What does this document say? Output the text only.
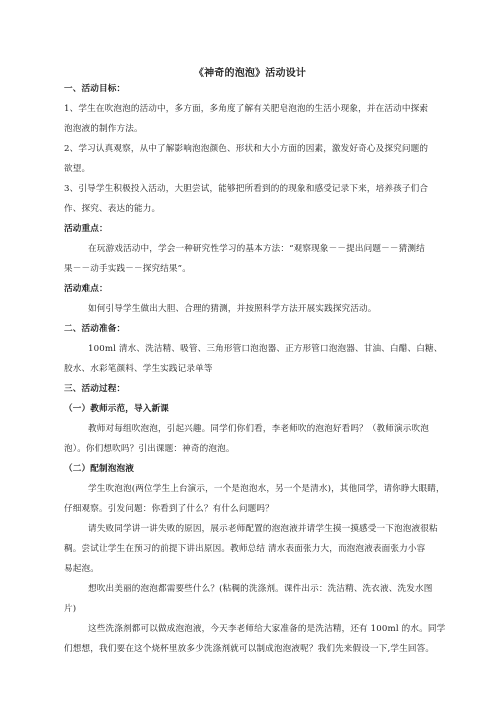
《神奇的泡泡》活动设计
一、活动目标：
1、学生在吹泡泡的活动中，多方面，多角度了解有关肥皂泡泡的生活小现象，并在活动中探索
泡泡液的制作方法。
2、学习认真观察，从中了解影响泡泡颜色、形状和大小方面的因素，激发好奇心及探究问题的
欲望。
3、引导学生积极投入活动，大胆尝试，能够把所看到的的现象和感受记录下来，培养孩子们合
作、探究、表达的能力。
活动重点：
在玩游戏活动中，学会一种研究性学习的基本方法：“观察现象－－提出问题－－猜测结
果－－动手实践－－探究结果”。
活动难点：
如何引导学生做出大胆、合理的猜测，并按照科学方法开展实践探究活动。
二、活动准备：
100ml 清水、洗洁精、吸管、三角形管口泡泡器、正方形管口泡泡器、甘油、白醋、白糖、
胶水、水彩笔颜料、学生实践记录单等
三、活动过程：
（一）教师示范，导入新课
教师对每组吹泡泡，引起兴趣。同学们你们看，李老师吹的泡泡好看吗？（教师演示吹泡
泡）。你们想吹吗？引出课题：神奇的泡泡。
（二）配制泡泡液
学生吹泡泡(两位学生上台演示，一个是泡泡水，另一个是清水)，其他同学，请你睁大眼睛，
仔细观察。引发问题：你看到了什么？有什么问题吗？
请失败同学讲一讲失败的原因，展示老师配置的泡泡液并请学生摸一摸感受一下泡泡液很粘
稠。尝试让学生在预习的前提下讲出原因。教师总结 清水表面张力大，而泡泡液表面张力小容
易起泡。
想吹出美丽的泡泡都需要些什么？(粘稠的洗涤剂。课件出示：洗洁精、洗衣液、洗发水图
片)
这些洗涤剂都可以做成泡泡液，今天李老师给大家准备的是洗洁精，还有 100ml 的水。同学
们想想，我们要在这个烧杯里放多少洗涤剂就可以制成泡泡液呢？我们先来假设一下,学生回答。
